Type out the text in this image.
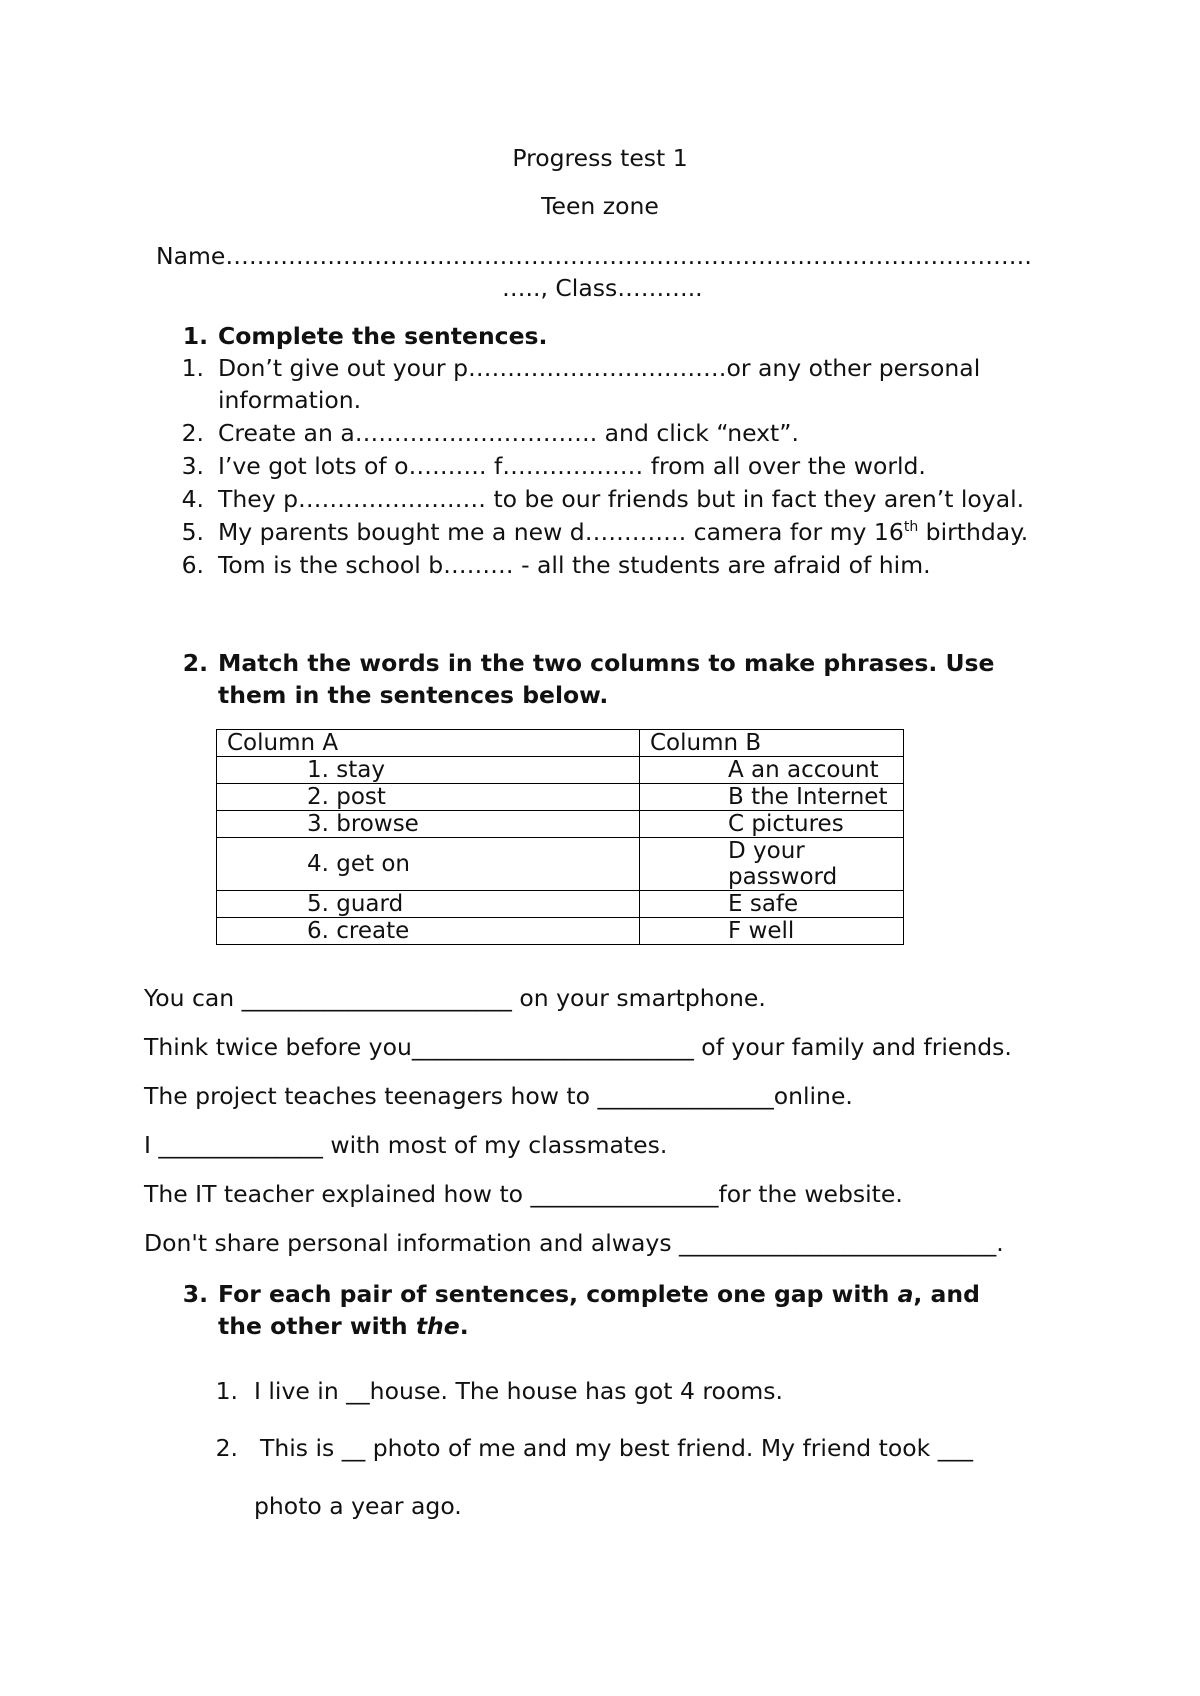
Progress test 1
Teen zone
Name………………………………………………………………………………………….
….., Class………..
1. Complete the sentences.
1. Don’t give out your p……………………………or any other personal
information.
2. Create an a…………………………. and click “next”.
3. I’ve got lots of o………. f……………… from all over the world.
4. They p…………………… to be our friends but in fact they aren’t loyal.
5. My parents bought me a new d…………. camera for my 16th birthday.
6. Tom is the school b……… - all the students are afraid of him.
2. Match the words in the two columns to make phrases. Use
them in the sentences below.
Column A	Column B
1. stay	A an account
2. post	B the Internet
3. browse	C pictures
4. get on	D your password
5. guard	E safe
6. create	F well
You can _______________________ on your smartphone.
Think twice before you________________________ of your family and friends.
The project teaches teenagers how to _______________online.
I ______________ with most of my classmates.
The IT teacher explained how to ________________for the website.
Don't share personal information and always ___________________________.
3. For each pair of sentences, complete one gap with a, and
the other with the.
1. I live in __house. The house has got 4 rooms.
2. This is __ photo of me and my best friend. My friend took ___
photo a year ago.
